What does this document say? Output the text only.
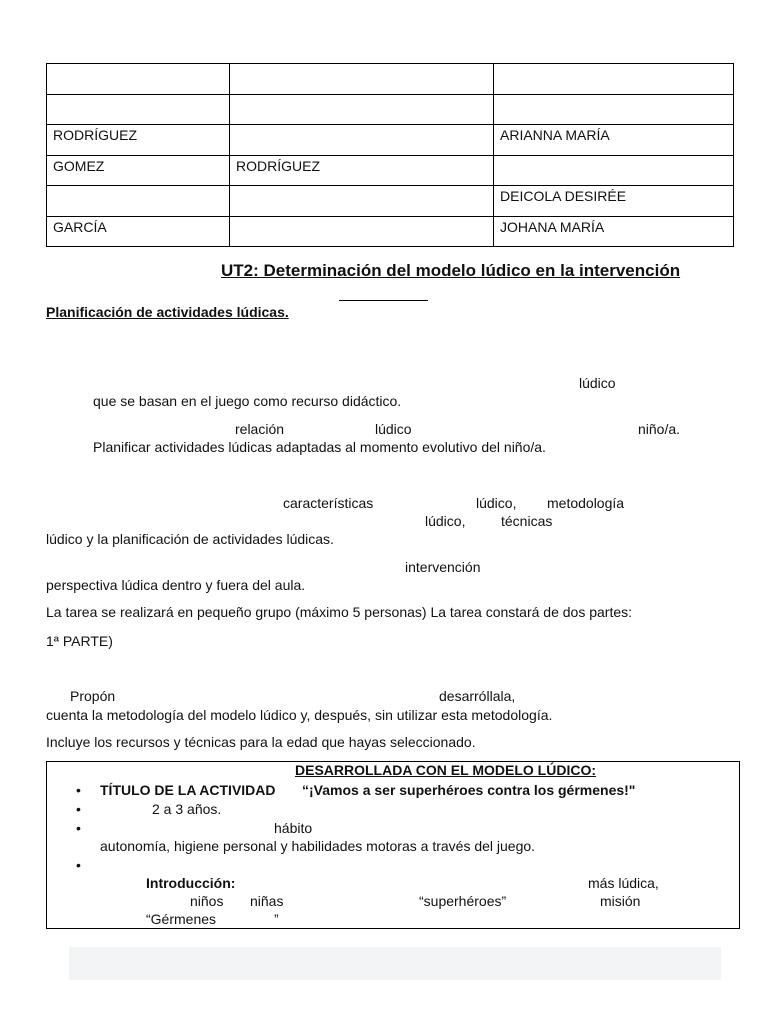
RODRÍGUEZ		ARIANNA MARÍA
GOMEZ	RODRÍGUEZ	
		DEICOLA DESIRÉE
GARCÍA		JOHANA MARÍA
UT2: Determinación del modelo lúdico en la intervención
Planificación de actividades lúdicas.
lúdico
que se basan en el juego como recurso didáctico.
relación	lúdico	niño/a.
Planificar actividades lúdicas adaptadas al momento evolutivo del niño/a.
características	lúdico, metodología
lúdico,	técnicas
lúdico y la planificación de actividades lúdicas.
intervención
perspectiva lúdica dentro y fuera del aula.
La tarea se realizará en pequeño grupo (máximo 5 personas) La tarea constará de dos partes:
1ª PARTE)
Propón	desarróllala,
cuenta la metodología del modelo lúdico y, después, sin utilizar esta metodología.
Incluye los recursos y técnicas para la edad que hayas seleccionado.
DESARROLLADA CON EL MODELO LÚDICO:
• TÍTULO DE LA ACTIVIDAD “¡Vamos a ser superhéroes contra los gérmenes!"
•	2 a 3 años.
•	hábito
autonomía, higiene personal y habilidades motoras a través del juego.
•
Introducción:	más lúdica,
niños niñas	“superhéroes”	misión
“Gérmenes	”
